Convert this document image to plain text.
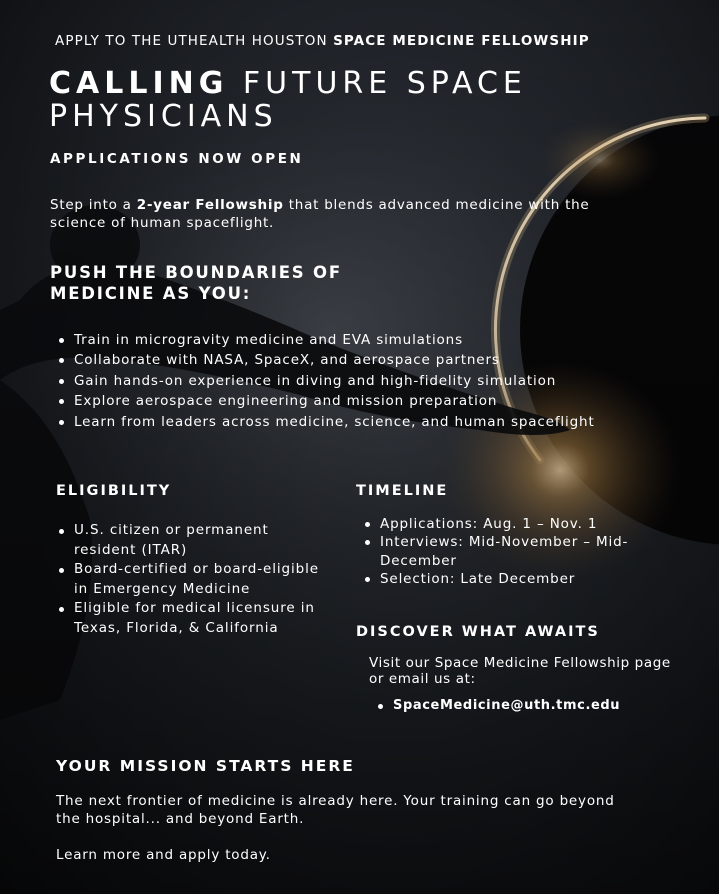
APPLY TO THE UTHEALTH HOUSTON SPACE MEDICINE FELLOWSHIP
CALLING FUTURE SPACE
PHYSICIANS
APPLICATIONS NOW OPEN
Step into a 2-year Fellowship that blends advanced medicine with the science of human spaceflight.
PUSH THE BOUNDARIES OF
MEDICINE AS YOU:
Train in microgravity medicine and EVA simulations
Collaborate with NASA, SpaceX, and aerospace partners
Gain hands-on experience in diving and high-fidelity simulation
Explore aerospace engineering and mission preparation
Learn from leaders across medicine, science, and human spaceflight
ELIGIBILITY
U.S. citizen or permanent resident (ITAR)
Board-certified or board-eligible in Emergency Medicine
Eligible for medical licensure in Texas, Florida, & California
TIMELINE
Applications: Aug. 1 – Nov. 1
Interviews: Mid-November – Mid-December
Selection: Late December
DISCOVER WHAT AWAITS
Visit our Space Medicine Fellowship page or email us at:
SpaceMedicine@uth.tmc.edu
YOUR MISSION STARTS HERE
The next frontier of medicine is already here. Your training can go beyond the hospital... and beyond Earth.
Learn more and apply today.
